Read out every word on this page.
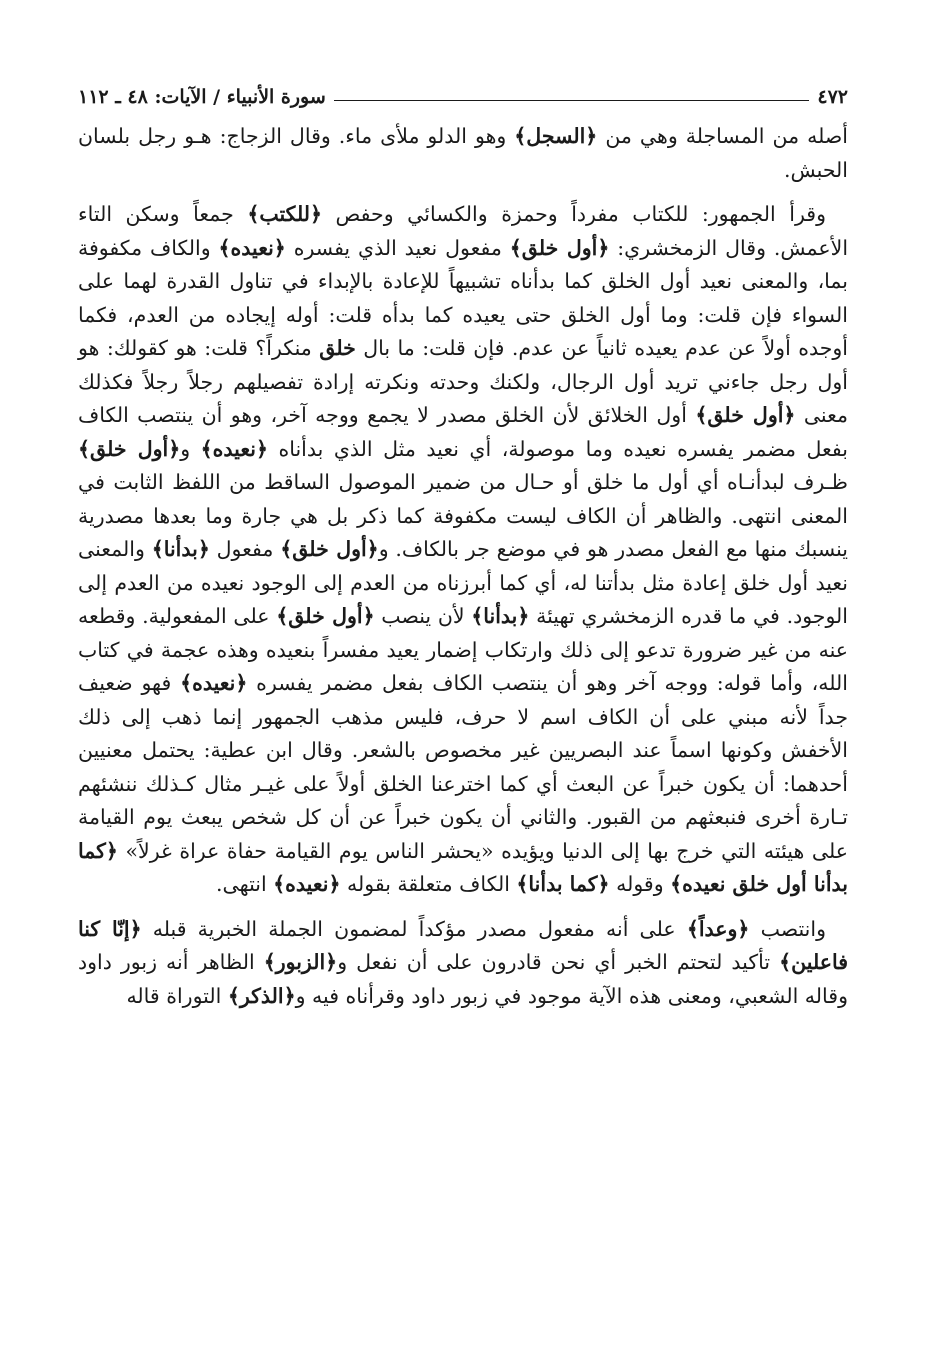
٤٧٢
سورة الأنبياء / الآيات: ٤٨ ـ ١١٢

أصله من المساجلة وهي من ﴿السجل﴾ وهو الدلو ملأى ماء. وقال الزجاج: هـو رجل بلسان الحبش.

وقرأ الجمهور: للكتاب مفرداً وحمزة والكسائي وحفص ﴿للكتب﴾ جمعاً وسكن التاء الأعمش. وقال الزمخشري: ﴿أول خلق﴾ مفعول نعيد الذي يفسره ﴿نعيده﴾ والكاف مكفوفة بما، والمعنى نعيد أول الخلق كما بدأناه تشبيهاً للإعادة بالإبداء في تناول القدرة لهما على السواء فإن قلت: وما أول الخلق حتى يعيده كما بدأه قلت: أوله إيجاده من العدم، فكما أوجده أولاً عن عدم يعيده ثانياً عن عدم. فإن قلت: ما بال خلق منكراً؟ قلت: هو كقولك: هو أول رجل جاءني تريد أول الرجال، ولكنك وحدته ونكرته إرادة تفصيلهم رجلاً رجلاً فكذلك معنى ﴿أول خلق﴾ أول الخلائق لأن الخلق مصدر لا يجمع ووجه آخر، وهو أن ينتصب الكاف بفعل مضمر يفسره نعيده وما موصولة، أي نعيد مثل الذي بدأناه ﴿نعيده﴾ و﴿أول خلق﴾ ظـرف لبدأنـاه أي أول ما خلق أو حـال من ضمير الموصول الساقط من اللفظ الثابت في المعنى انتهى. والظاهر أن الكاف ليست مكفوفة كما ذكر بل هي جارة وما بعدها مصدرية ينسبك منها مع الفعل مصدر هو في موضع جر بالكاف. و﴿أول خلق﴾ مفعول ﴿بدأنا﴾ والمعنى نعيد أول خلق إعادة مثل بدأتنا له، أي كما أبرزناه من العدم إلى الوجود نعيده من العدم إلى الوجود. في ما قدره الزمخشري تهيئة ﴿بدأنا﴾ لأن ينصب ﴿أول خلق﴾ على المفعولية. وقطعه عنه من غير ضرورة تدعو إلى ذلك وارتكاب إضمار يعيد مفسراً بنعيده وهذه عجمة في كتاب الله، وأما قوله: ووجه آخر وهو أن ينتصب الكاف بفعل مضمر يفسره ﴿نعيده﴾ فهو ضعيف جداً لأنه مبني على أن الكاف اسم لا حرف، فليس مذهب الجمهور إنما ذهب إلى ذلك الأخفش وكونها اسماً عند البصريين غير مخصوص بالشعر. وقال ابن عطية: يحتمل معنيين أحدهما: أن يكون خبراً عن البعث أي كما اخترعنا الخلق أولاً على غيـر مثال كـذلك ننشئهم تـارة أخرى فنبعثهم من القبور. والثاني أن يكون خبراً عن أن كل شخص يبعث يوم القيامة على هيئته التي خرج بها إلى الدنيا ويؤيده «يحشر الناس يوم القيامة حفاة عراة غرلاً» ﴿كما بدأنا أول خلق نعيده﴾ وقوله ﴿كما بدأنا﴾ الكاف متعلقة بقوله ﴿نعيده﴾ انتهى.

وانتصب ﴿وعداً﴾ على أنه مفعول مصدر مؤكداً لمضمون الجملة الخبرية قبله ﴿إنّا كنا فاعلين﴾ تأكيد لتحتم الخبر أي نحن قادرون على أن نفعل و﴿الزبور﴾ الظاهر أنه زبور داود وقاله الشعبي، ومعنى هذه الآية موجود في زبور داود وقرأناه فيه و﴿الذكر﴾ التوراة قاله
